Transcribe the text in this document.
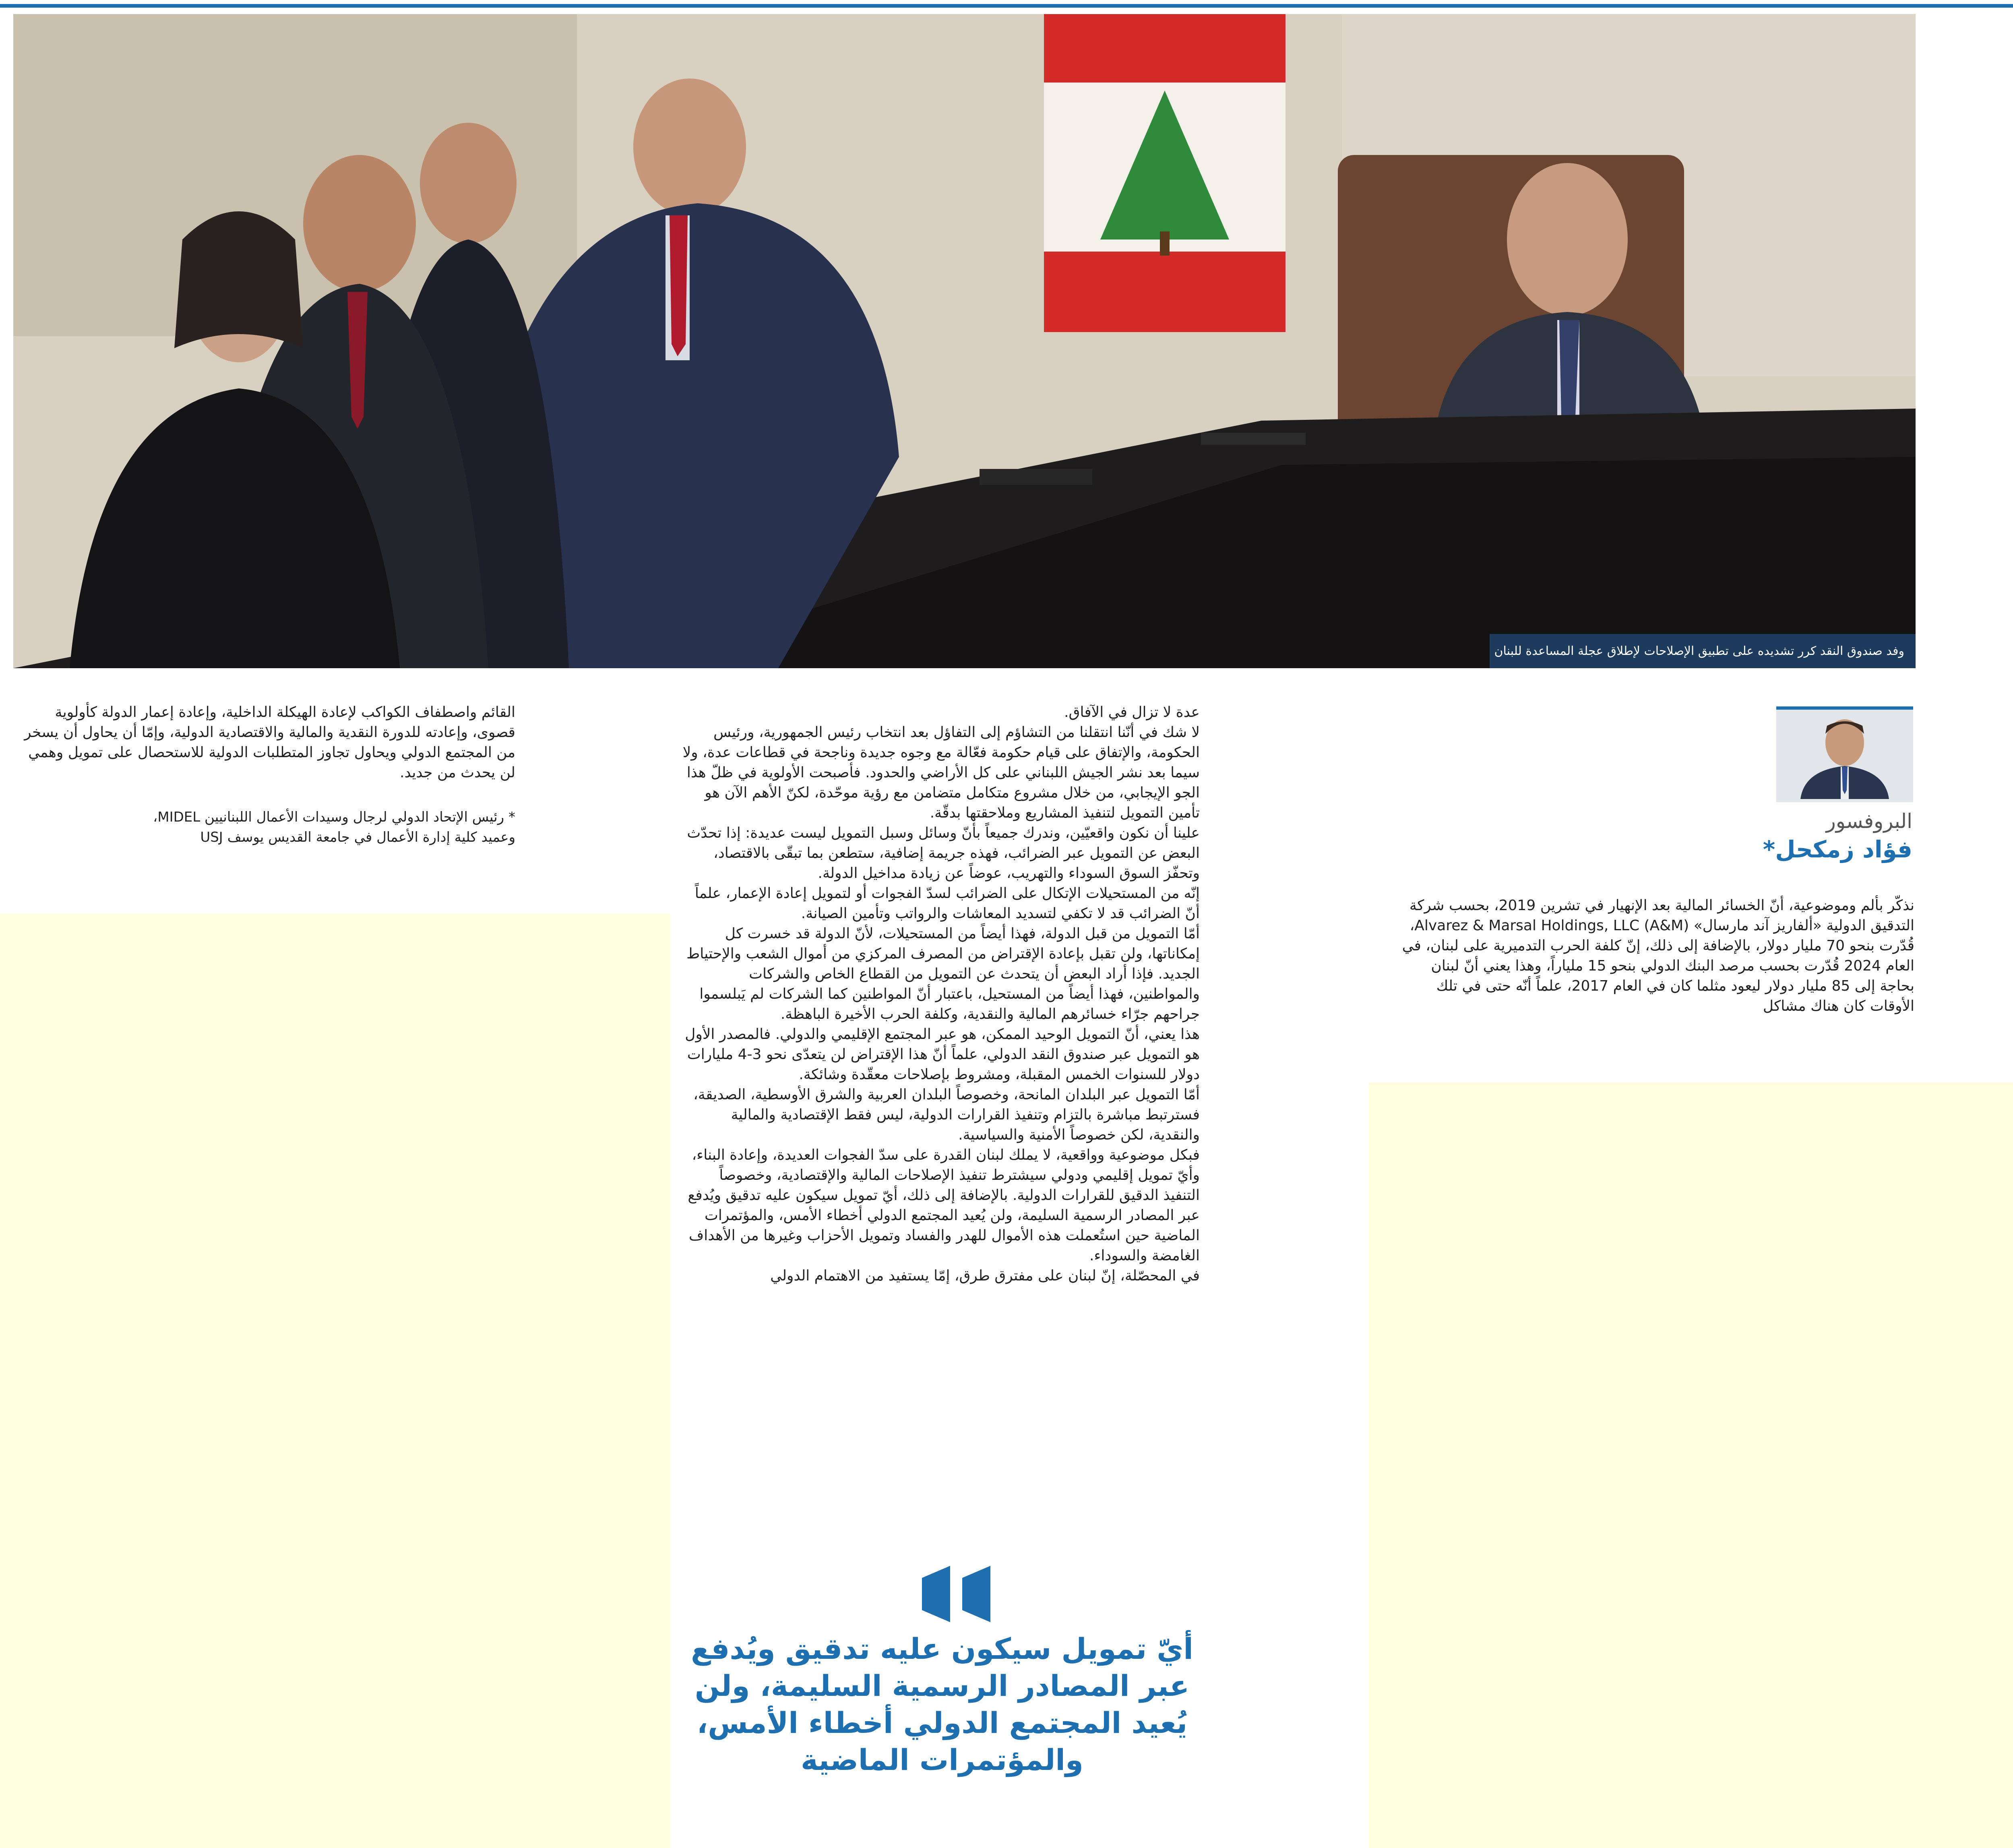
وفد صندوق النقد كرر تشديده على تطبيق الإصلاحات لإطلاق عجلة المساعدة للبنان
البروفسور
فؤاد زمكحل*

نذكّر بألم وموضوعية، أنّ الخسائر المالية بعد الإنهيار في تشرين 2019، بحسب شركة التدقيق الدولية «ألفاريز آند مارسال» Alvarez & Marsal Holdings, LLC (A&M)، قُدّرت بنحو 70 مليار دولار، بالإضافة إلى ذلك، إنّ كلفة الحرب التدميرية على لبنان، في العام 2024 قُدّرت بحسب مرصد البنك الدولي بنحو 15 ملياراً، وهذا يعني أنّ لبنان بحاجة إلى 85 مليار دولار ليعود مثلما كان في العام 2017، علماً أنّه حتى في تلك الأوقات كان هناك مشاكل

عدة لا تزال في الآفاق.

لا شك في أنّنا انتقلنا من التشاؤم إلى التفاؤل بعد انتخاب رئيس الجمهورية، ورئيس الحكومة، والإتفاق على قيام حكومة فعّالة مع وجوه جديدة وناجحة في قطاعات عدة، ولا سيما بعد نشر الجيش اللبناني على كل الأراضي والحدود. فأصبحت الأولوية في ظلّ هذا الجو الإيجابي، من خلال مشروع متكامل متضامن مع رؤية موحّدة، لكنّ الأهم الآن هو تأمين التمويل لتنفيذ المشاريع وملاحقتها بدقّة.

علينا أن نكون واقعيّين، وندرك جميعاً بأنّ وسائل وسبل التمويل ليست عديدة: إذا تحدّث البعض عن التمويل عبر الضرائب، فهذه جريمة إضافية، ستطعن بما تبقّى بالاقتصاد، وتحفّز السوق السوداء والتهريب، عوضاً عن زيادة مداخيل الدولة.

إنّه من المستحيلات الإتكال على الضرائب لسدّ الفجوات أو لتمويل إعادة الإعمار، علماً أنّ الضرائب قد لا تكفي لتسديد المعاشات والرواتب وتأمين الصيانة.

أمّا التمويل من قبل الدولة، فهذا أيضاً من المستحيلات، لأنّ الدولة قد خسرت كل إمكاناتها، ولن تقبل بإعادة الإقتراض من المصرف المركزي من أموال الشعب والإحتياط الجديد. فإذا أراد البعض أن يتحدث عن التمويل من القطاع الخاص والشركات والمواطنين، فهذا أيضاً من المستحيل، باعتبار أنّ المواطنين كما الشركات لم يَبلسموا جراحهم جرّاء خسائرهم المالية والنقدية، وكلفة الحرب الأخيرة الباهظة.

هذا يعني، أنّ التمويل الوحيد الممكن، هو عبر المجتمع الإقليمي والدولي. فالمصدر الأول هو التمويل عبر صندوق النقد الدولي، علماً أنّ هذا الإقتراض لن يتعدّى نحو 3-4 مليارات دولار للسنوات الخمس المقبلة، ومشروط بإصلاحات معقّدة وشائكة.

أمّا التمويل عبر البلدان المانحة، وخصوصاً البلدان العربية والشرق الأوسطية، الصديقة، فسترتبط مباشرة بالتزام وتنفيذ القرارات الدولية، ليس فقط الإقتصادية والمالية والنقدية، لكن خصوصاً الأمنية والسياسية.

فبكل موضوعية وواقعية، لا يملك لبنان القدرة على سدّ الفجوات العديدة، وإعادة البناء، وأيّ تمويل إقليمي ودولي سيشترط تنفيذ الإصلاحات المالية والإقتصادية، وخصوصاً التنفيذ الدقيق للقرارات الدولية. بالإضافة إلى ذلك، أيّ تمويل سيكون عليه تدقيق ويُدفع عبر المصادر الرسمية السليمة، ولن يُعيد المجتمع الدولي أخطاء الأمس، والمؤتمرات الماضية حين استُعملت هذه الأموال للهدر والفساد وتمويل الأحزاب وغيرها من الأهداف الغامضة والسوداء.

في المحصّلة، إنّ لبنان على مفترق طرق، إمّا يستفيد من الاهتمام الدولي

القائم واصطفاف الكواكب لإعادة الهيكلة الداخلية، وإعادة إعمار الدولة كأولوية قصوى، وإعادته للدورة النقدية والمالية والاقتصادية الدولية، وإمّا أن يحاول أن يسخر من المجتمع الدولي ويحاول تجاوز المتطلبات الدولية للاستحصال على تمويل وهمي لن يحدث من جديد.

* رئيس الإتحاد الدولي لرجال وسيدات الأعمال اللبنانيين MIDEL،
وعميد كلية إدارة الأعمال في جامعة القديس يوسف USJ

أيّ تمويل سيكون عليه تدقيق ويُدفع عبر المصادر الرسمية السليمة، ولن يُعيد المجتمع الدولي أخطاء الأمس، والمؤتمرات الماضية
